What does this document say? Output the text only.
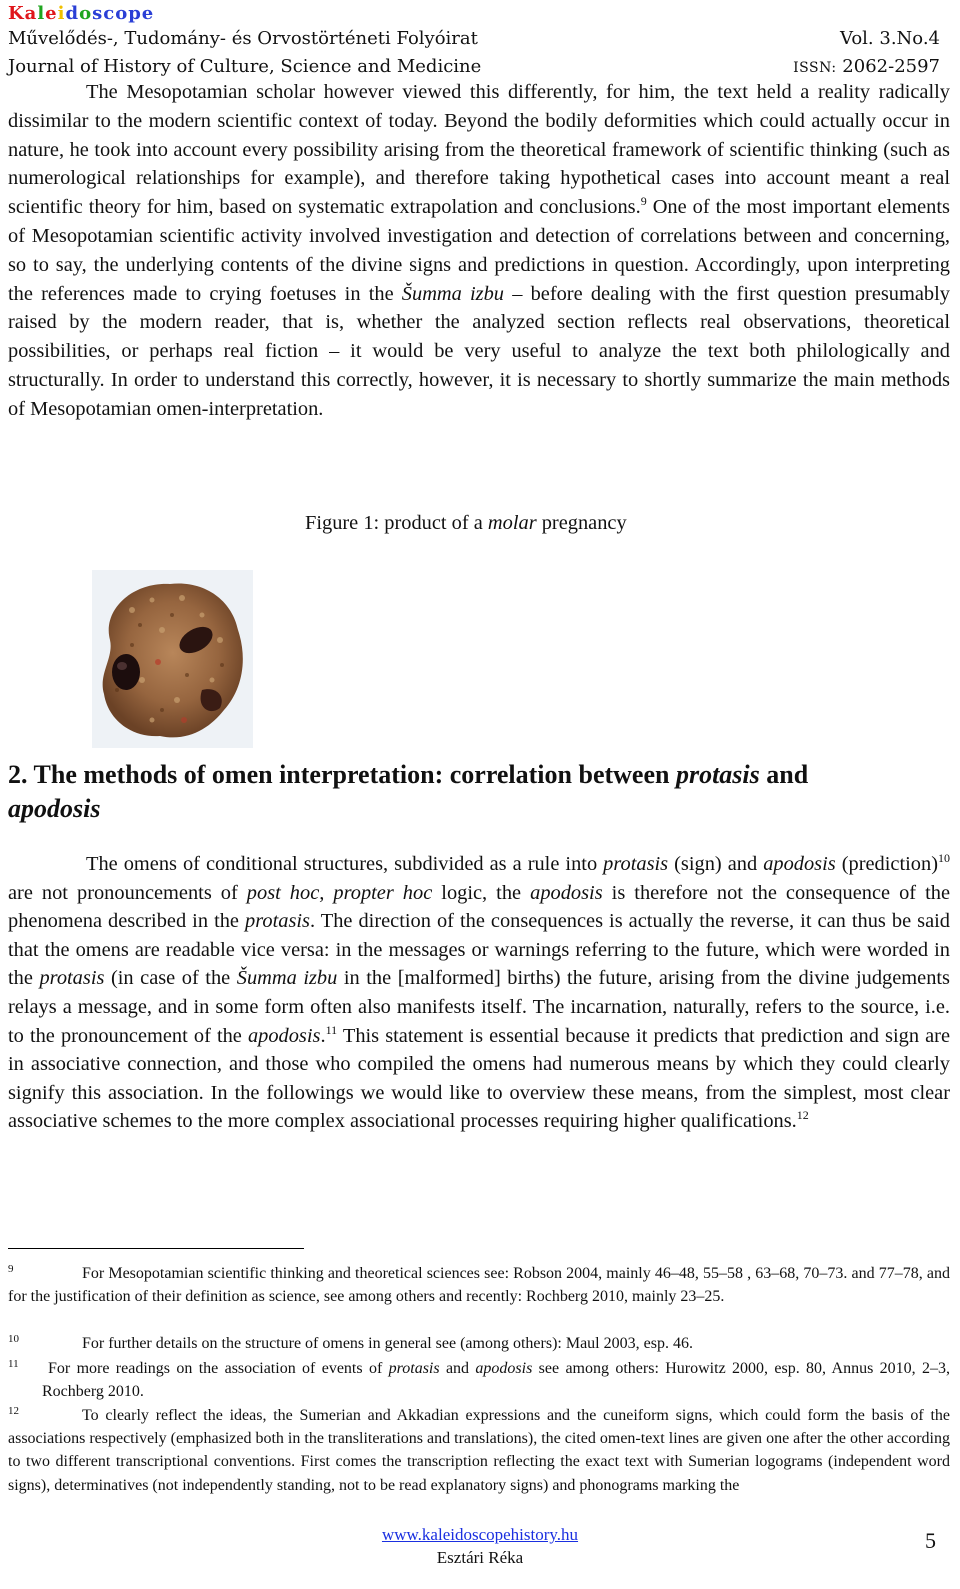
Kaleidoscope
Művelődés-, Tudomány- és Orvostörténeti Folyóirat	Vol. 3.No.4
Journal of History of Culture, Science and Medicine	ISSN: 2062-2597

The Mesopotamian scholar however viewed this differently, for him, the text held a reality radically dissimilar to the modern scientific context of today. Beyond the bodily deformities which could actually occur in nature, he took into account every possibility arising from the theoretical framework of scientific thinking (such as numerological relationships for example), and therefore taking hypothetical cases into account meant a real scientific theory for him, based on systematic extrapolation and conclusions.$^9$ One of the most important elements of Mesopotamian scientific activity involved investigation and detection of correlations between and concerning, so to say, the underlying contents of the divine signs and predictions in question. Accordingly, upon interpreting the references made to crying foetuses in the Šumma izbu – before dealing with the first question presumably raised by the modern reader, that is, whether the analyzed section reflects real observations, theoretical possibilities, or perhaps real fiction – it would be very useful to analyze the text both philologically and structurally. In order to understand this correctly, however, it is necessary to shortly summarize the main methods of Mesopotamian omen-interpretation.

Figure 1: product of a molar pregnancy
2. The methods of omen interpretation: correlation between protasis and
apodosis

The omens of conditional structures, subdivided as a rule into protasis (sign) and apodosis (prediction)$^{10}$ are not pronouncements of post hoc, propter hoc logic, the apodosis is therefore not the consequence of the phenomena described in the protasis. The direction of the consequences is actually the reverse, it can thus be said that the omens are readable vice versa: in the messages or warnings referring to the future, which were worded in the protasis (in case of the Šumma izbu in the [malformed] births) the future, arising from the divine judgements relays a message, and in some form often also manifests itself. The incarnation, naturally, refers to the source, i.e. to the pronouncement of the apodosis.$^{11}$ This statement is essential because it predicts that prediction and sign are in associative connection, and those who compiled the omens had numerous means by which they could clearly signify this association. In the followings we would like to overview these means, from the simplest, most clear associative schemes to the more complex associational processes requiring higher qualifications.$^{12}$

9	For Mesopotamian scientific thinking and theoretical sciences see: Robson 2004, mainly 46–48, 55–58 , 63–68, 70–73. and 77–78, and for the justification of their definition as science, see among others and recently: Rochberg 2010, mainly 23–25.
10	For further details on the structure of omens in general see (among others): Maul 2003, esp. 46.
11 For more readings on the association of events of protasis and apodosis see among others: Hurowitz 2000, esp. 80, Annus 2010, 2–3, Rochberg 2010.
12	To clearly reflect the ideas, the Sumerian and Akkadian expressions and the cuneiform signs, which could form the basis of the associations respectively (emphasized both in the transliterations and translations), the cited omen-text lines are given one after the other according to two different transcriptional conventions. First comes the transcription reflecting the exact text with Sumerian logograms (independent word signs), determinatives (not independently standing, not to be read explanatory signs) and phonograms marking the
www.kaleidoscopehistory.hu	5
Esztári Réka
